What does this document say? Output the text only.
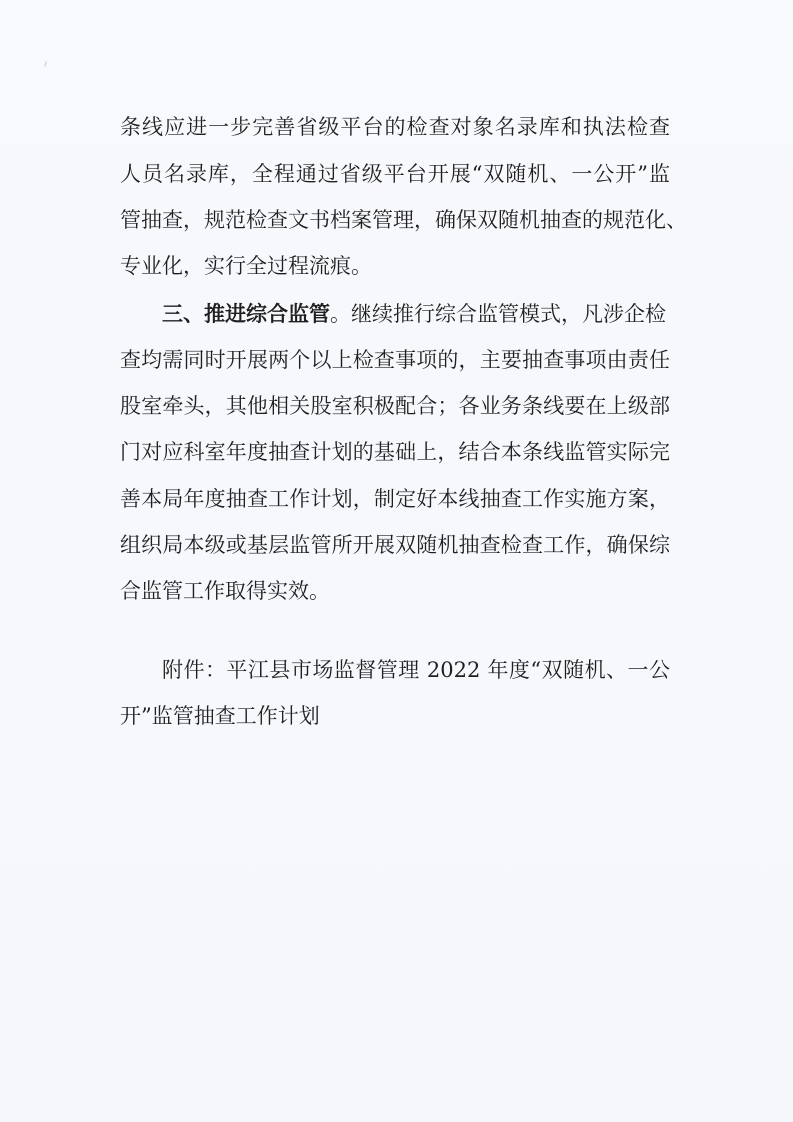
条线应进一步完善省级平台的检查对象名录库和执法检查
人员名录库，全程通过省级平台开展“双随机、一公开”监
管抽查，规范检查文书档案管理，确保双随机抽查的规范化、
专业化，实行全过程流痕。
三、推进综合监管。继续推行综合监管模式，凡涉企检
查均需同时开展两个以上检查事项的，主要抽查事项由责任
股室牵头，其他相关股室积极配合；各业务条线要在上级部
门对应科室年度抽查计划的基础上，结合本条线监管实际完
善本局年度抽查工作计划，制定好本线抽查工作实施方案，
组织局本级或基层监管所开展双随机抽查检查工作，确保综
合监管工作取得实效。
附件：平江县市场监督管理 2022 年度“双随机、一公
开”监管抽查工作计划
